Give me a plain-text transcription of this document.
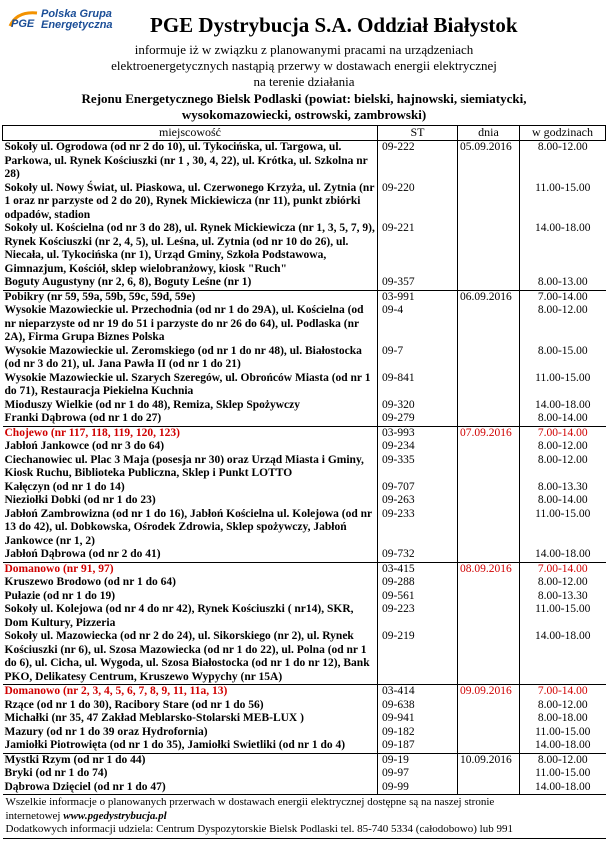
PGE
Polska Grupa
Energetyczna PGE Dystrybucja S.A. Oddział Białystok
informuje iż w związku z planowanymi pracami na urządzeniach
elektroenergetycznych nastąpią przerwy w dostawach energii elektrycznej
na terenie działania
Rejonu Energetycznego Bielsk Podlaski (powiat: bielski, hajnowski, siemiatycki,
wysokomazowiecki, ostrowski, zambrowski)
miejscowość	ST	dnia	w godzinach
Sokoły ul. Ogrodowa (od nr 2 do 10), ul. Tykocińska, ul. Targowa, ul. Parkowa, ul. Rynek Kościuszki (nr 1 , 30, 4, 22), ul. Krótka, ul. Szkolna nr 28)	09-222	05.09.2016	8.00-12.00
Sokoły ul. Nowy Świat, ul. Piaskowa, ul. Czerwonego Krzyża, ul. Zytnia (nr 1 oraz nr parzyste od 2 do 20), Rynek Mickiewicza (nr 11), punkt zbiórki odpadów, stadion	09-220		11.00-15.00
Sokoły ul. Kościelna (od nr 3 do 28), ul. Rynek Mickiewicza (nr 1, 3, 5, 7, 9), Rynek Kościuszki (nr 2, 4, 5), ul. Leśna, ul. Zytnia (od nr 10 do 26), ul. Niecała, ul. Tykocińska (nr 1), Urząd Gminy, Szkoła Podstawowa, Gimnazjum, Kościół, sklep wielobranżowy, kiosk "Ruch"	09-221		14.00-18.00
Boguty Augustyny (nr 2, 6, 8), Boguty Leśne (nr 1)	09-357		8.00-13.00
Pobikry (nr 59, 59a, 59b, 59c, 59d, 59e)	03-991	06.09.2016	7.00-14.00
Wysokie Mazowieckie ul. Przechodnia (od nr 1 do 29A), ul. Kościelna (od nr nieparzyste od nr 19 do 51 i parzyste do nr 26 do 64), ul. Podlaska (nr 2A), Firma Grupa Biznes Polska	09-4		8.00-12.00
Wysokie Mazowieckie ul. Zeromskiego (od nr 1 do nr 48), ul. Białostocka (od nr 3 do 21), ul. Jana Pawła II (od nr 1 do 21)	09-7		8.00-15.00
Wysokie Mazowieckie ul. Szarych Szeregów, ul. Obrońców Miasta (od nr 1 do 71), Restauracja Piekielna Kuchnia	09-841		11.00-15.00
Mioduszy Wielkie (od nr 1 do 48), Remiza, Sklep Spożywczy	09-320		14.00-18.00
Franki Dąbrowa (od nr 1 do 27)	09-279		8.00-14.00
Chojewo (nr 117, 118, 119, 120, 123)	03-993	07.09.2016	7.00-14.00
Jabłoń Jankowce (od nr 3 do 64)	09-234		8.00-12.00
Ciechanowiec ul. Plac 3 Maja (posesja nr 30) oraz Urząd Miasta i Gminy, Kiosk Ruchu, Biblioteka Publiczna, Sklep i Punkt LOTTO	09-335		8.00-12.00
Kałęczyn (od nr 1 do 14)	09-707		8.00-13.30
Nieziołki Dobki (od nr 1 do 23)	09-263		8.00-14.00
Jabłoń Zambrowizna (od nr 1 do 16), Jabłoń Kościelna ul. Kolejowa (od nr 13 do 42), ul. Dobkowska, Ośrodek Zdrowia, Sklep spożywczy, Jabłoń Jankowce (nr 1, 2)	09-233		11.00-15.00
Jabłoń Dąbrowa (od nr 2 do 41)	09-732		14.00-18.00
Domanowo (nr 91, 97)	03-415	08.09.2016	7.00-14.00
Kruszewo Brodowo (od nr 1 do 64)	09-288		8.00-12.00
Pułazie (od nr 1 do 19)	09-561		8.00-13.30
Sokoły ul. Kolejowa (od nr 4 do nr 42), Rynek Kościuszki ( nr14), SKR, Dom Kultury, Pizzeria	09-223		11.00-15.00
Sokoły ul. Mazowiecka (od nr 2 do 24), ul. Sikorskiego (nr 2), ul. Rynek Kościuszki (nr 6), ul. Szosa Mazowiecka (od nr 1 do 22), ul. Polna (od nr 1 do 6), ul. Cicha, ul. Wygoda, ul. Szosa Białostocka (od nr 1 do nr 12), Bank PKO, Delikatesy Centrum, Kruszewo Wypychy (nr 15A)	09-219		14.00-18.00
Domanowo (nr 2, 3, 4, 5, 6, 7, 8, 9, 11, 11a, 13)	03-414	09.09.2016	7.00-14.00
Rzące (od nr 1 do 30), Racibory Stare (od nr 1 do 56)	09-638		8.00-12.00
Michałki (nr 35, 47 Zakład Meblarsko-Stolarski MEB-LUX )	09-941		8.00-18.00
Mazury (od nr 1 do 39 oraz Hydrofornia)	09-182		11.00-15.00
Jamiołki Piotrowięta (od nr 1 do 35), Jamiołki Swietliki (od nr 1 do 4)	09-187		14.00-18.00
Mystki Rzym (od nr 1 do 44)	09-19	10.09.2016	8.00-12.00
Bryki (od nr 1 do 74)	09-97		11.00-15.00
Dąbrowa Dzięciel (od nr 1 do 47)	09-99		14.00-18.00

Wszelkie informacje o planowanych przerwach w dostawach energii elektrycznej dostępne są na naszej stronie
internetowej www.pgedystrybucja.pl
Dodatkowych informacji udziela: Centrum Dyspozytorskie Bielsk Podlaski tel. 85-740 5334 (całodobowo) lub 991			
